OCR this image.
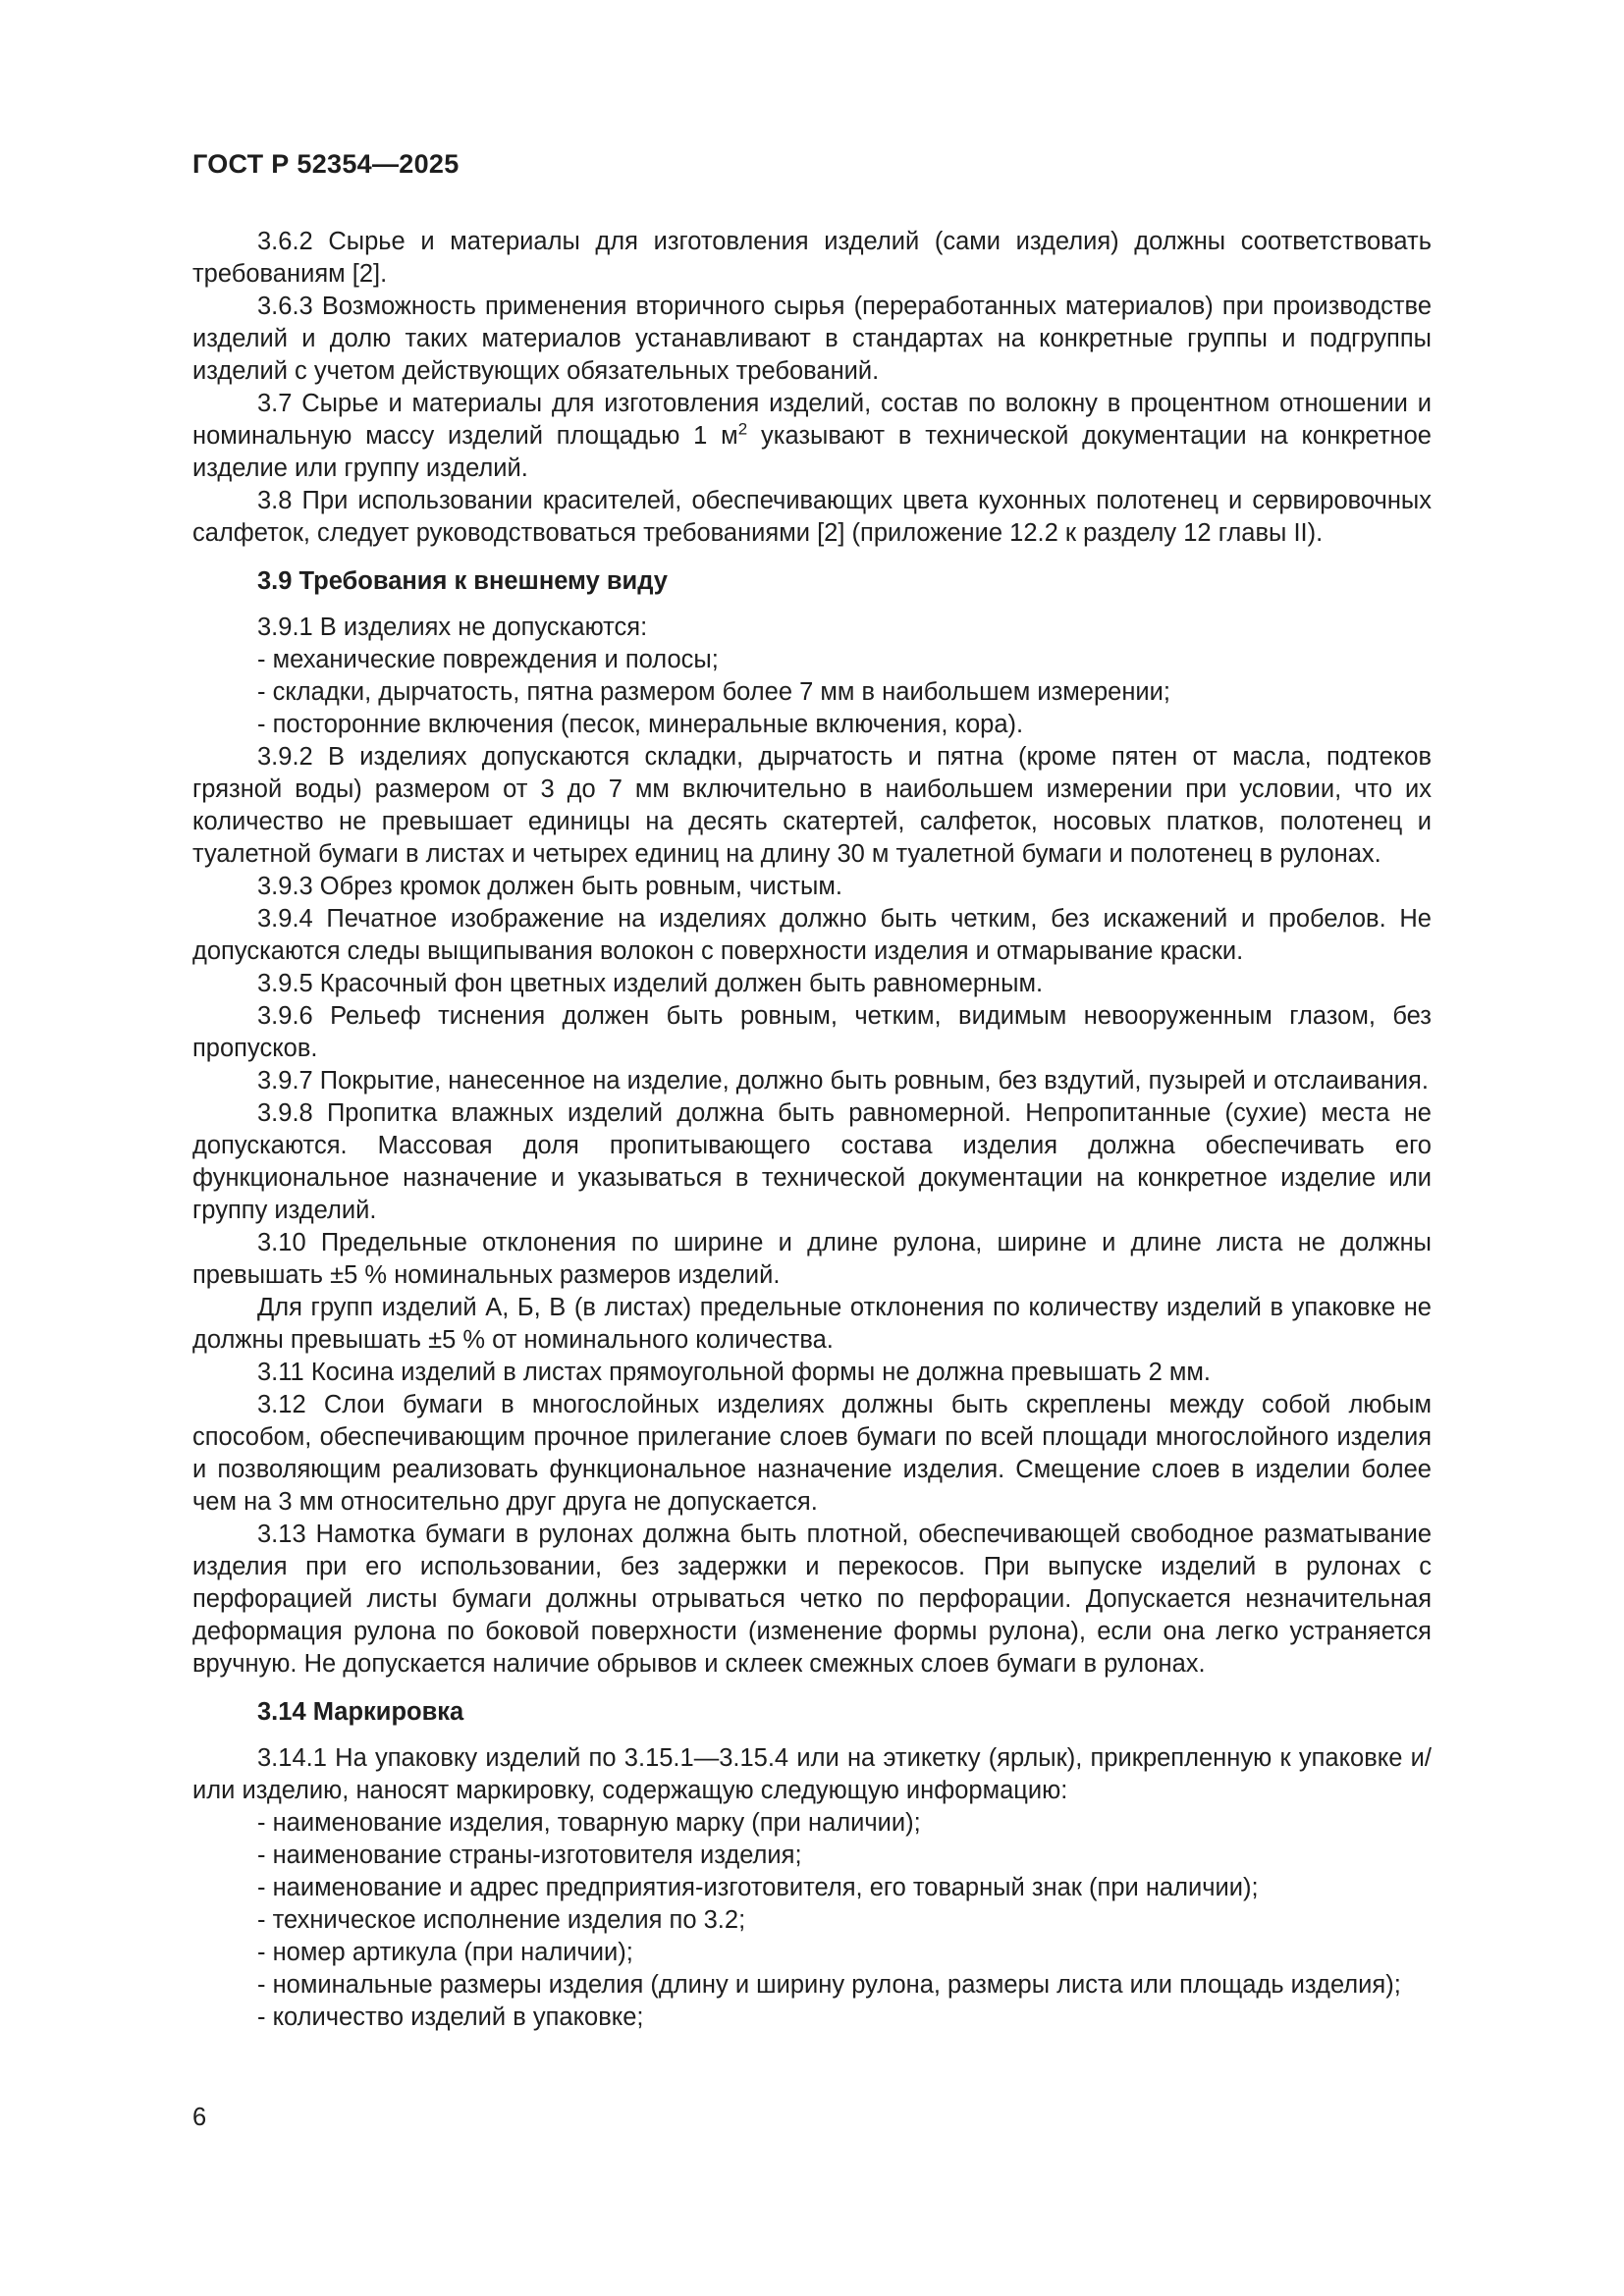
ГОСТ Р 52354—2025

3.6.2 Сырье и материалы для изготовления изделий (сами изделия) должны соответствовать требованиям [2].

3.6.3 Возможность применения вторичного сырья (переработанных материалов) при производстве изделий и долю таких материалов устанавливают в стандартах на конкретные группы и подгруппы изделий с учетом действующих обязательных требований.

3.7 Сырье и материалы для изготовления изделий, состав по волокну в процентном отношении и номинальную массу изделий площадью 1 $м^2$ указывают в технической документации на конкретное изделие или группу изделий.

3.8 При использовании красителей, обеспечивающих цвета кухонных полотенец и сервировочных салфеток, следует руководствоваться требованиями [2] (приложение 12.2 к разделу 12 главы II).

3.9 Требования к внешнему виду

3.9.1 В изделиях не допускаются:

- механические повреждения и полосы;

- складки, дырчатость, пятна размером более 7 мм в наибольшем измерении;

- посторонние включения (песок, минеральные включения, кора).

3.9.2 В изделиях допускаются складки, дырчатость и пятна (кроме пятен от масла, подтеков грязной воды) размером от 3 до 7 мм включительно в наибольшем измерении при условии, что их количество не превышает единицы на десять скатертей, салфеток, носовых платков, полотенец и туалетной бумаги в листах и четырех единиц на длину 30 м туалетной бумаги и полотенец в рулонах.

3.9.3 Обрез кромок должен быть ровным, чистым.

3.9.4 Печатное изображение на изделиях должно быть четким, без искажений и пробелов. Не допускаются следы выщипывания волокон с поверхности изделия и отмарывание краски.

3.9.5 Красочный фон цветных изделий должен быть равномерным.

3.9.6 Рельеф тиснения должен быть ровным, четким, видимым невооруженным глазом, без пропусков.

3.9.7 Покрытие, нанесенное на изделие, должно быть ровным, без вздутий, пузырей и отслаивания.

3.9.8 Пропитка влажных изделий должна быть равномерной. Непропитанные (сухие) места не допускаются. Массовая доля пропитывающего состава изделия должна обеспечивать его функциональное назначение и указываться в технической документации на конкретное изделие или группу изделий.

3.10 Предельные отклонения по ширине и длине рулона, ширине и длине листа не должны превышать ±5 % номинальных размеров изделий.

Для групп изделий А, Б, В (в листах) предельные отклонения по количеству изделий в упаковке не должны превышать ±5 % от номинального количества.

3.11 Косина изделий в листах прямоугольной формы не должна превышать 2 мм.

3.12 Слои бумаги в многослойных изделиях должны быть скреплены между собой любым способом, обеспечивающим прочное прилегание слоев бумаги по всей площади многослойного изделия и позволяющим реализовать функциональное назначение изделия. Смещение слоев в изделии более чем на 3 мм относительно друг друга не допускается.

3.13 Намотка бумаги в рулонах должна быть плотной, обеспечивающей свободное разматывание изделия при его использовании, без задержки и перекосов. При выпуске изделий в рулонах с перфорацией листы бумаги должны отрываться четко по перфорации. Допускается незначительная деформация рулона по боковой поверхности (изменение формы рулона), если она легко устраняется вручную. Не допускается наличие обрывов и склеек смежных слоев бумаги в рулонах.

3.14 Маркировка

3.14.1 На упаковку изделий по 3.15.1—3.15.4 или на этикетку (ярлык), прикрепленную к упаковке и/или изделию, наносят маркировку, содержащую следующую информацию:

- наименование изделия, товарную марку (при наличии);

- наименование страны-изготовителя изделия;

- наименование и адрес предприятия-изготовителя, его товарный знак (при наличии);

- техническое исполнение изделия по 3.2;

- номер артикула (при наличии);

- номинальные размеры изделия (длину и ширину рулона, размеры листа или площадь изделия);

- количество изделий в упаковке;

6
